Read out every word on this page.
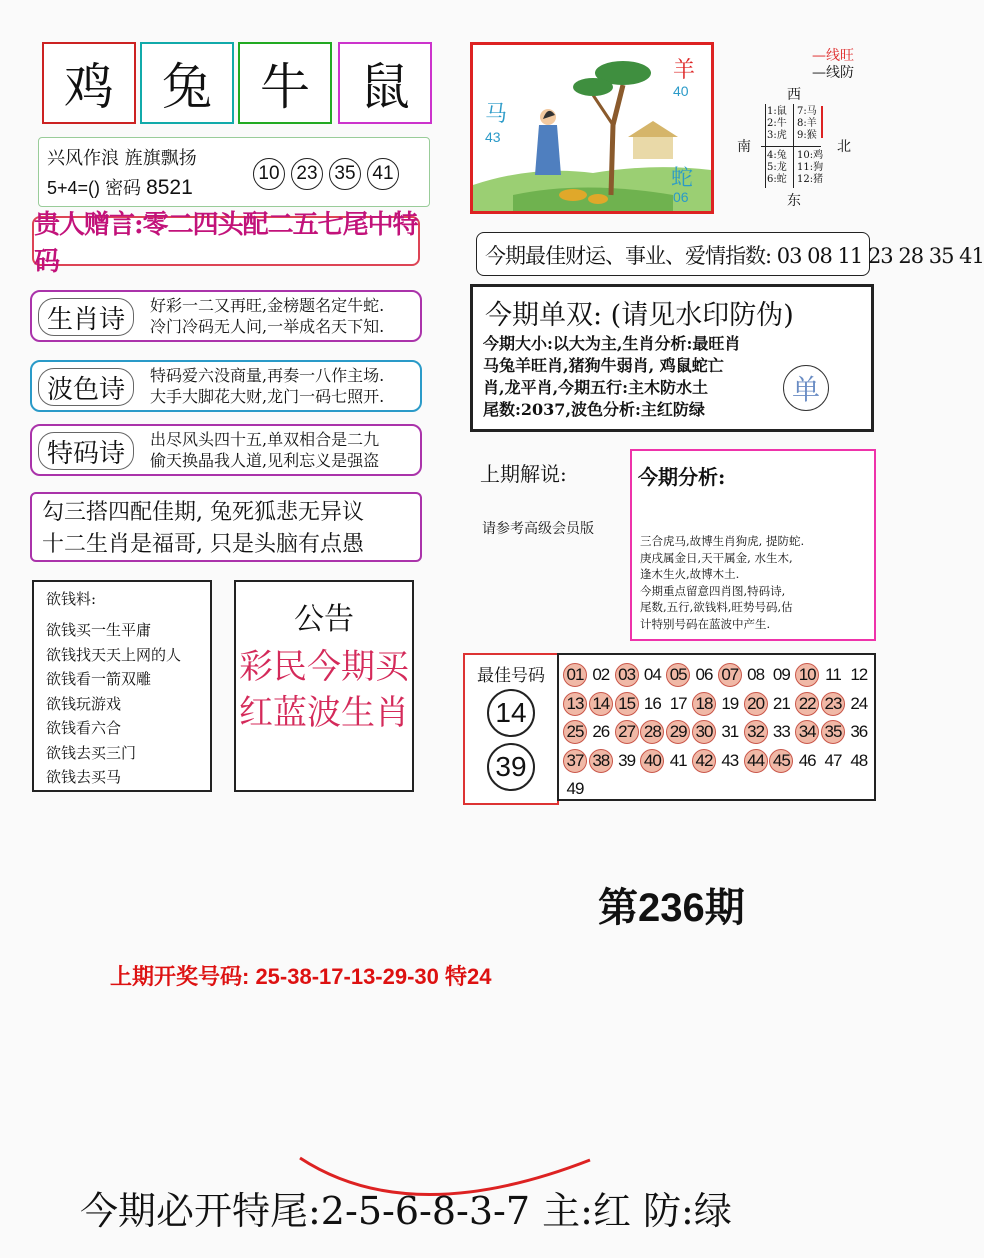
鸡 兔 牛 鼠
兴风作浪 旌旗飘扬
5+4=() 密码 8521
10 23 35 41
贵人赠言:零二四头配二五七尾中特码
生肖诗	好彩一二又再旺,金榜题名定牛蛇.
冷门冷码无人问,一举成名天下知.
波色诗	特码爱六没商量,再奏一八作主场.
大手大脚花大财,龙门一码七照开.
特码诗	出尽风头四十五,单双相合是二九
偷天换晶我人道,见利忘义是强盗
勾三搭四配佳期, 兔死狐悲无异议
十二生肖是福哥, 只是头脑有点愚
欲钱料:
欲钱买一生平庸
欲钱找天天上网的人
欲钱看一箭双雕
欲钱玩游戏
欲钱看六合
欲钱去买三门
欲钱去买马
公告
彩民今期买
红蓝波生肖
羊
40
马
43
蛇
06
—线旺
—线防
西
南	北
东
1:鼠
2:牛
3:虎
7:马
8:羊
9:猴
4:兔
5:龙
6:蛇
10:鸡
11:狗
12:猪
今期最佳财运、事业、爱情指数: 03 08 11 23 28 35 41
今期单双: (请见水印防伪)
今期大小:以大为主,生肖分析:最旺肖
马兔羊旺肖,猪狗牛弱肖, 鸡鼠蛇亡
肖,龙平肖,今期五行:主木防水土
尾数:2037,波色分析:主红防绿
单
上期解说:
请参考高级会员版
今期分析:
三合虎马,故博生肖狗虎, 提防蛇.
庚戌属金日,天干属金, 水生木,
逢木生火,故博木土.
今期重点留意四肖图,特码诗,
尾数,五行,欲钱料,旺势号码,估
计特别号码在蓝波中产生.
最佳号码
14
39
01 02 03 04 05 06 07 08 09 10 11 12
13 14 15 16 17 18 19 20 21 22 23 24
25 26 27 28 29 30 31 32 33 34 35 36
37 38 39 40 41 42 43 44 45 46 47 48
49
第236期
上期开奖号码: 25-38-17-13-29-30 特24
今期必开特尾:2-5-6-8-3-7 主:红 防:绿
